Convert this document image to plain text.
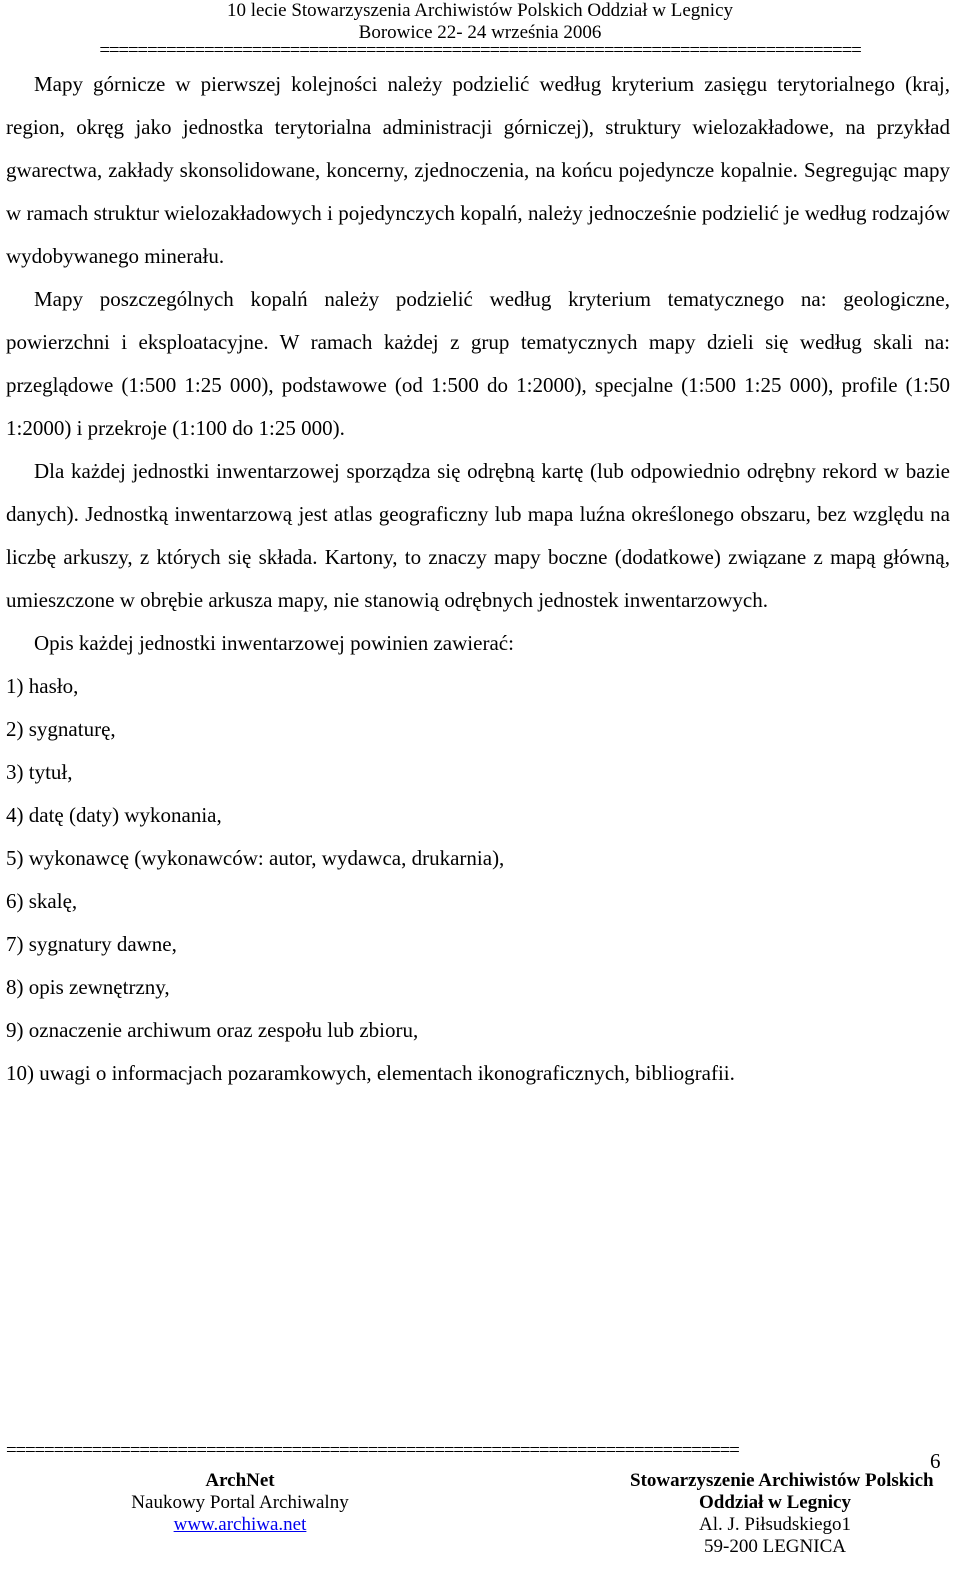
10 lecie Stowarzyszenia Archiwistów Polskich Oddział w Legnicy
Borowice 22- 24 września 2006
================================================================================

Mapy górnicze w pierwszej kolejności należy podzielić według kryterium zasięgu terytorialnego (kraj, region, okręg jako jednostka terytorialna administracji górniczej), struktury wielozakładowe, na przykład gwarectwa, zakłady skonsolidowane, koncerny, zjednoczenia, na końcu pojedyncze kopalnie. Segregując mapy w ramach struktur wielozakładowych i pojedynczych kopalń, należy jednocześnie podzielić je według rodzajów wydobywanego minerału.

Mapy poszczególnych kopalń należy podzielić według kryterium tematycznego na: geologiczne, powierzchni i eksploatacyjne. W ramach każdej z grup tematycznych mapy dzieli się według skali na: przeglądowe (1:500 1:25 000), podstawowe (od 1:500 do 1:2000), specjalne (1:500 1:25 000), profile (1:50 1:2000) i przekroje (1:100 do 1:25 000).

Dla każdej jednostki inwentarzowej sporządza się odrębną kartę (lub odpowiednio odrębny rekord w bazie danych). Jednostką inwentarzową jest atlas geograficzny lub mapa luźna określonego obszaru, bez względu na liczbę arkuszy, z których się składa. Kartony, to znaczy mapy boczne (dodatkowe) związane z mapą główną, umieszczone w obrębie arkusza mapy, nie stanowią odrębnych jednostek inwentarzowych.

Opis każdej jednostki inwentarzowej powinien zawierać:

1) hasło,
2) sygnaturę,
3) tytuł,
4) datę (daty) wykonania,
5) wykonawcę (wykonawców: autor, wydawca, drukarnia),
6) skalę,
7) sygnatury dawne,
8) opis zewnętrzny,
9) oznaczenie archiwum oraz zespołu lub zbioru,
10) uwagi o informacjach pozaramkowych, elementach ikonograficznych, bibliografii.
=============================================================================	6
ArchNet
Naukowy Portal Archiwalny
www.archiwa.net
Stowarzyszenie Archiwistów Polskich
Oddział w Legnicy
Al. J. Piłsudskiego1
59-200 LEGNICA
